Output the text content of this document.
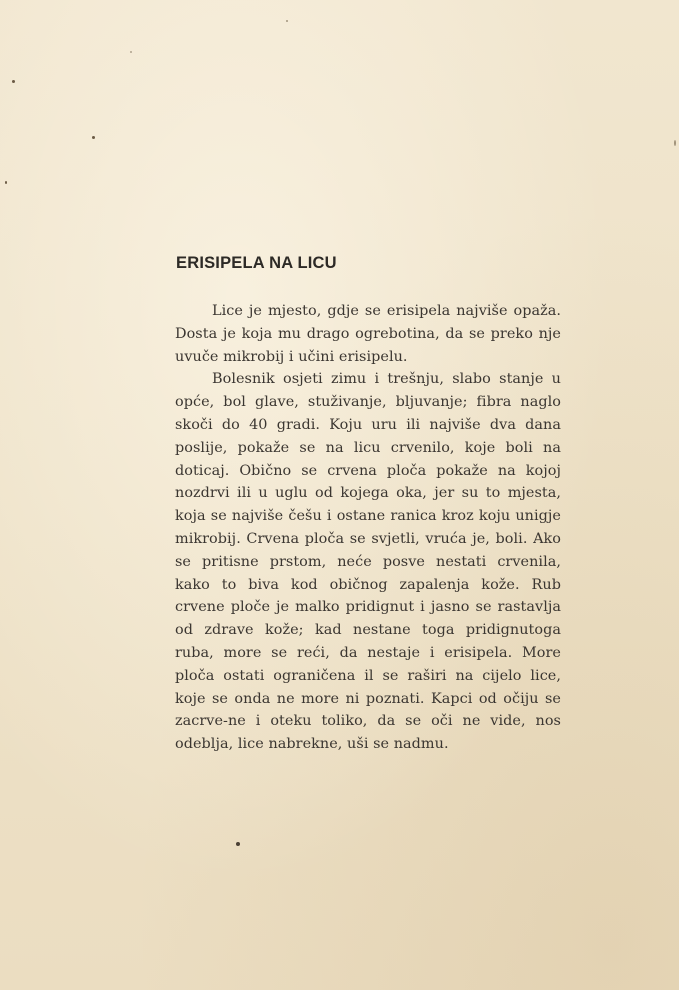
ERISIPELA NA LICU

Lice je mjesto, gdje se erisipela najviše opaža. Dosta je koja mu drago ogrebotina, da se preko nje uvuče mikrobij i učini erisipelu.

Bolesnik osjeti zimu i trešnju, slabo stanje u opće, bol glave, stuživanje, bljuvanje; fibra naglo skoči do 40 gradi. Koju uru ili najviše dva dana poslije, pokaže se na licu crvenilo, koje boli na doticaj. Obično se crvena ploča pokaže na kojoj nozdrvi ili u uglu od kojega oka, jer su to mjesta, koja se najviše češu i ostane ranica kroz koju unigje mikrobij. Crvena ploča se svjetli, vruća je, boli. Ako se pritisne prstom, neće posve nestati crvenila, kako to biva kod običnog zapalenja kože. Rub crvene ploče je malko pridignut i jasno se rastavlja od zdrave kože; kad nestane toga pridignutoga ruba, more se reći, da nestaje i erisipela. More ploča ostati ograničena il se raširi na cijelo lice, koje se onda ne more ni poznati. Kapci od očiju se zacrve-ne i oteku toliko, da se oči ne vide, nos odeblja, lice nabrekne, uši se nadmu.
